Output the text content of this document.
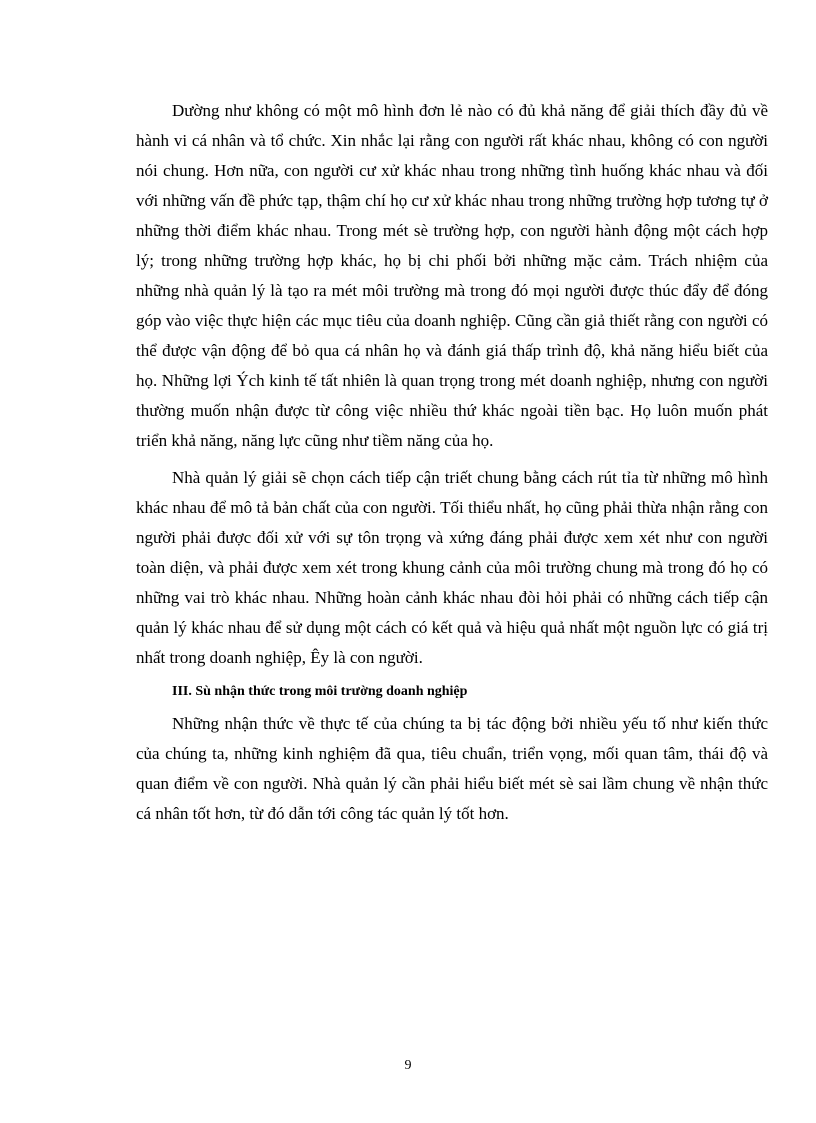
Dường như không có một mô hình đơn lẻ nào có đủ khả năng để giải thích đầy đủ về hành vi cá nhân và tổ chức. Xin nhắc lại rằng con người rất khác nhau, không có con người nói chung. Hơn nữa, con người cư xử khác nhau trong những tình huống khác nhau và đối với những vấn đề phức tạp, thậm chí họ cư xử khác nhau trong những trường hợp tương tự ở những thời điểm khác nhau. Trong mét sè trường hợp, con người hành động một cách hợp lý; trong những trường hợp khác, họ bị chi phối bởi những mặc cảm. Trách nhiệm của những nhà quản lý là tạo ra mét môi trường mà trong đó mọi người được thúc đẩy để đóng góp vào việc thực hiện các mục tiêu của doanh nghiệp. Cũng cần giả thiết rằng con người có thể được vận động để bỏ qua cá nhân họ và đánh giá thấp trình độ, khả năng hiểu biết của họ. Những lợi Ých kinh tế tất nhiên là quan trọng trong mét doanh nghiệp, nhưng con người thường muốn nhận được từ công việc nhiều thứ khác ngoài tiền bạc. Họ luôn muốn phát triển khả năng, năng lực cũng như tiềm năng của họ.

Nhà quản lý giải sẽ chọn cách tiếp cận triết chung bằng cách rút tỉa từ những mô hình khác nhau để mô tả bản chất của con người. Tối thiểu nhất, họ cũng phải thừa nhận rằng con người phải được đối xử với sự tôn trọng và xứng đáng phải được xem xét như con người toàn diện, và phải được xem xét trong khung cảnh của môi trường chung mà trong đó họ có những vai trò khác nhau. Những hoàn cảnh khác nhau đòi hỏi phải có những cách tiếp cận quản lý khác nhau để sử dụng một cách có kết quả và hiệu quả nhất một nguồn lực có giá trị nhất trong doanh nghiệp, Êy là con người.

III. Sù nhận thức trong môi trường doanh nghiệp

Những nhận thức về thực tế của chúng ta bị tác động bởi nhiều yếu tố như kiến thức của chúng ta, những kinh nghiệm đã qua, tiêu chuẩn, triển vọng, mối quan tâm, thái độ và quan điểm về con người. Nhà quản lý cần phải hiểu biết mét sè sai lầm chung về nhận thức cá nhân tốt hơn, từ đó dẫn tới công tác quản lý tốt hơn.

9
